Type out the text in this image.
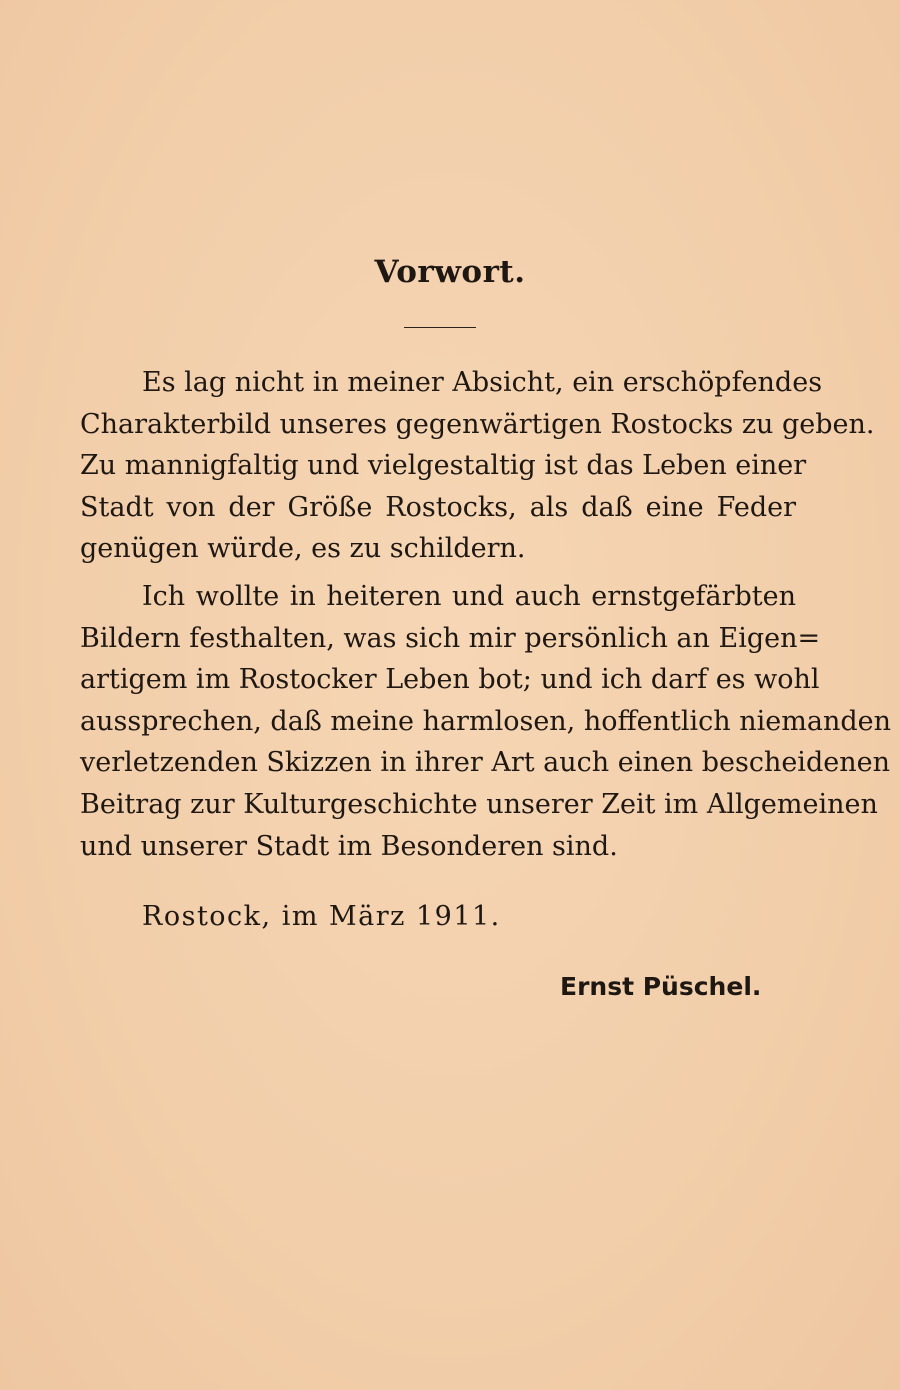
Vorwort.

Es lag nicht in meiner Absicht, ein erschöpfendes
Charakterbild unseres gegenwärtigen Rostocks zu geben.
Zu mannigfaltig und vielgestaltig ist das Leben einer
Stadt von der Größe Rostocks, als daß eine Feder
genügen würde, es zu schildern.

Ich wollte in heiteren und auch ernstgefärbten
Bildern festhalten, was sich mir persönlich an Eigen=
artigem im Rostocker Leben bot; und ich darf es wohl
aussprechen, daß meine harmlosen, hoffentlich niemanden
verletzenden Skizzen in ihrer Art auch einen bescheidenen
Beitrag zur Kulturgeschichte unserer Zeit im Allgemeinen
und unserer Stadt im Besonderen sind.

Rostock, im März 1911.

Ernst Püschel.
